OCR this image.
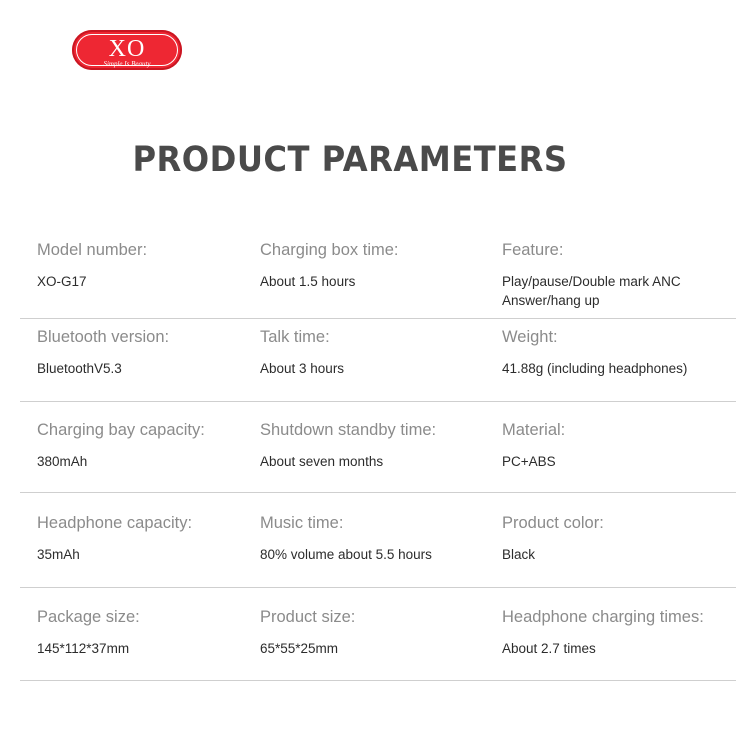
XO
Simple Is Beauty
PRODUCT PARAMETERS
Model number:
XO-G17
Charging box time:
About 1.5 hours
Feature:
Play/pause/Double mark ANC
Answer/hang up
Bluetooth version:
BluetoothV5.3
Talk time:
About 3 hours
Weight:
41.88g (including headphones)
Charging bay capacity:
380mAh
Shutdown standby time:
About seven months
Material:
PC+ABS
Headphone capacity:
35mAh
Music time:
80% volume about 5.5 hours
Product color:
Black
Package size:
145*112*37mm
Product size:
65*55*25mm
Headphone charging times:
About 2.7 times
